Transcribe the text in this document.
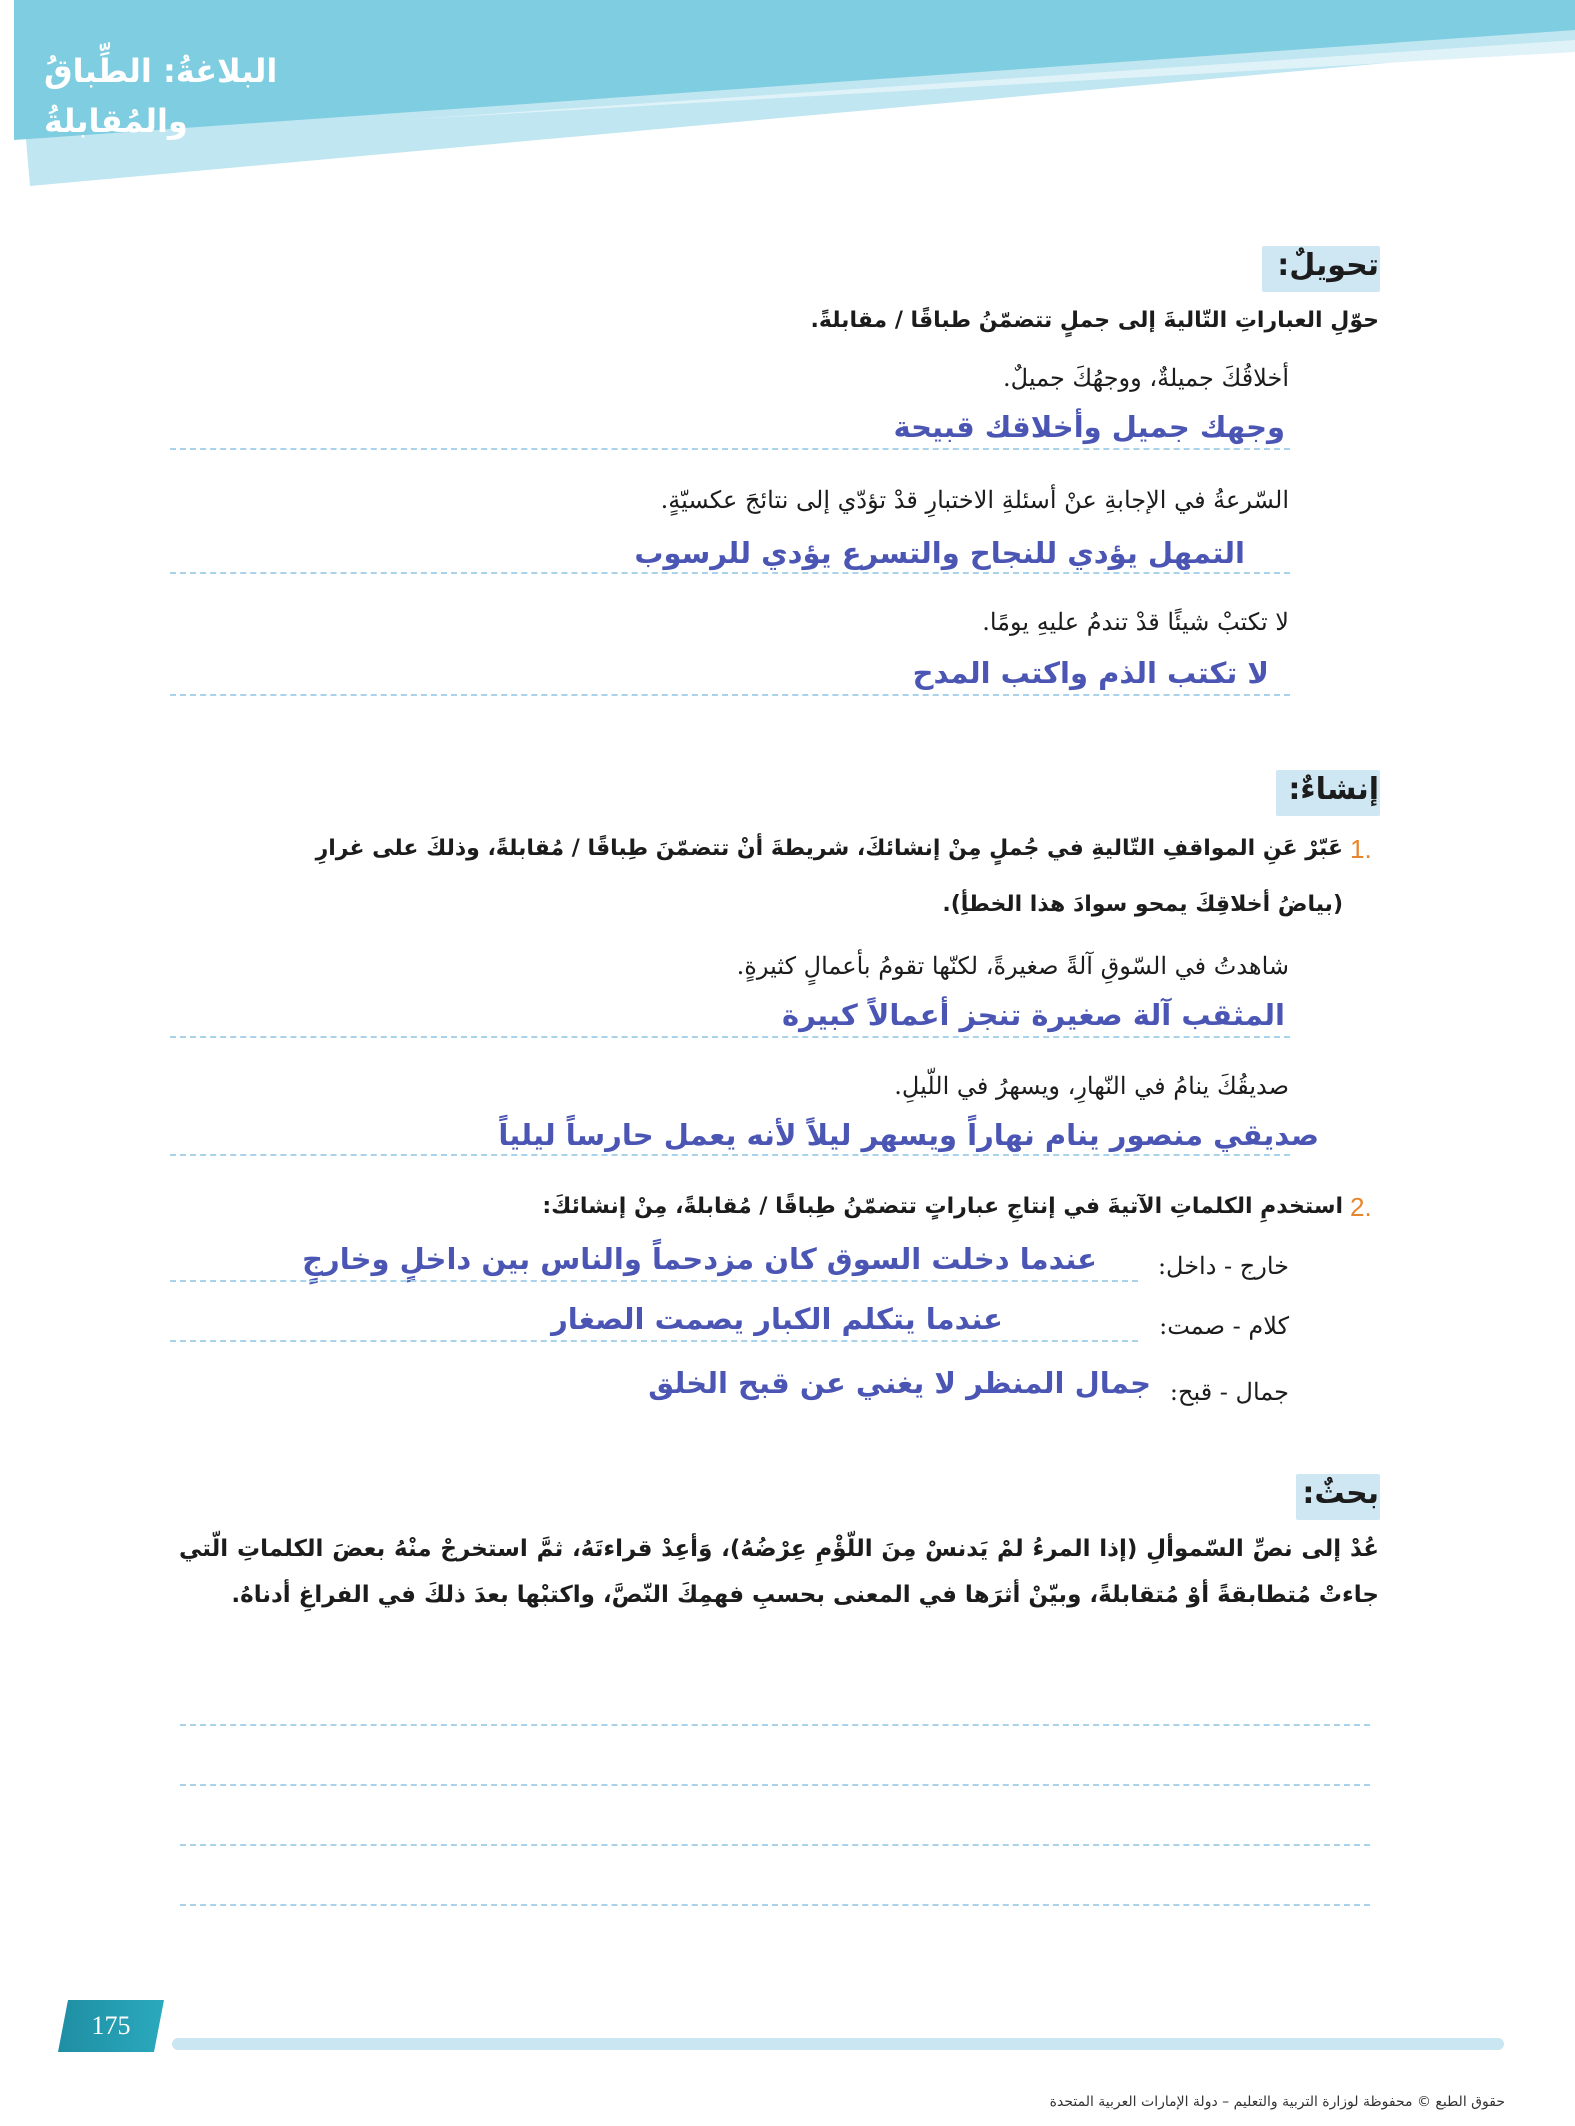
البلاغةُ: الطِّباقُ والمُقابلةُ
تحويلٌ:
حوّلِ العباراتِ التّاليةَ إلى جملٍ تتضمّنُ طباقًا / مقابلةً.
أخلاقُكَ جميلةٌ، ووجهُكَ جميلٌ.
وجهك جميل وأخلاقك قبيحة
السّرعةُ في الإجابةِ عنْ أسئلةِ الاختبارِ قدْ تؤدّي إلى نتائجَ عكسيّةٍ.
التمهل يؤدي للنجاح والتسرع يؤدي للرسوب
لا تكتبْ شيئًا قدْ تندمُ عليهِ يومًا.
لا تكتب الذم واكتب المدح
إنشاءٌ:
1.
عَبّرْ عَنِ المواقفِ التّاليةِ في جُملٍ مِنْ إنشائكَ، شريطةَ أنْ تتضمّنَ طِباقًا / مُقابلةً، وذلكَ على غرارِ
(بياضُ أخلاقِكَ يمحو سوادَ هذا الخطأِ).
شاهدتُ في السّوقِ آلةً صغيرةً، لكنّها تقومُ بأعمالٍ كثيرةٍ.
المثقب آلة صغيرة تنجز أعمالاً كبيرة
صديقُكَ ينامُ في النّهارِ، ويسهرُ في اللّيلِ.
صديقي منصور ينام نهاراً ويسهر ليلاً لأنه يعمل حارساً ليلياً
2.
استخدمِ الكلماتِ الآتيةَ في إنتاجِ عباراتٍ تتضمّنُ طِباقًا / مُقابلةً، مِنْ إنشائكَ:
خارج - داخل:
عندما دخلت السوق كان مزدحماً والناس بين داخلٍ وخارجٍ
كلام - صمت:
عندما يتكلم الكبار يصمت الصغار
جمال - قبح:
جمال المنظر لا يغني عن قبح الخلق
بحثٌ:
عُدْ إلى نصِّ السّموألِ (إذا المرءُ لمْ يَدنسْ مِنَ اللّؤْمِ عِرْضُهُ)، وَأعِدْ قراءتَهُ، ثمَّ استخرجْ منْهُ بعضَ الكلماتِ الّتي جاءتْ مُتطابقةً أوْ مُتقابلةً، وبيّنْ أثرَها في المعنى بحسبِ فهمِكَ النّصَّ، واكتبْها بعدَ ذلكَ في الفراغِ أدناهُ.
175
حقوق الطبع © محفوظة لوزارة التربية والتعليم – دولة الإمارات العربية المتحدة
